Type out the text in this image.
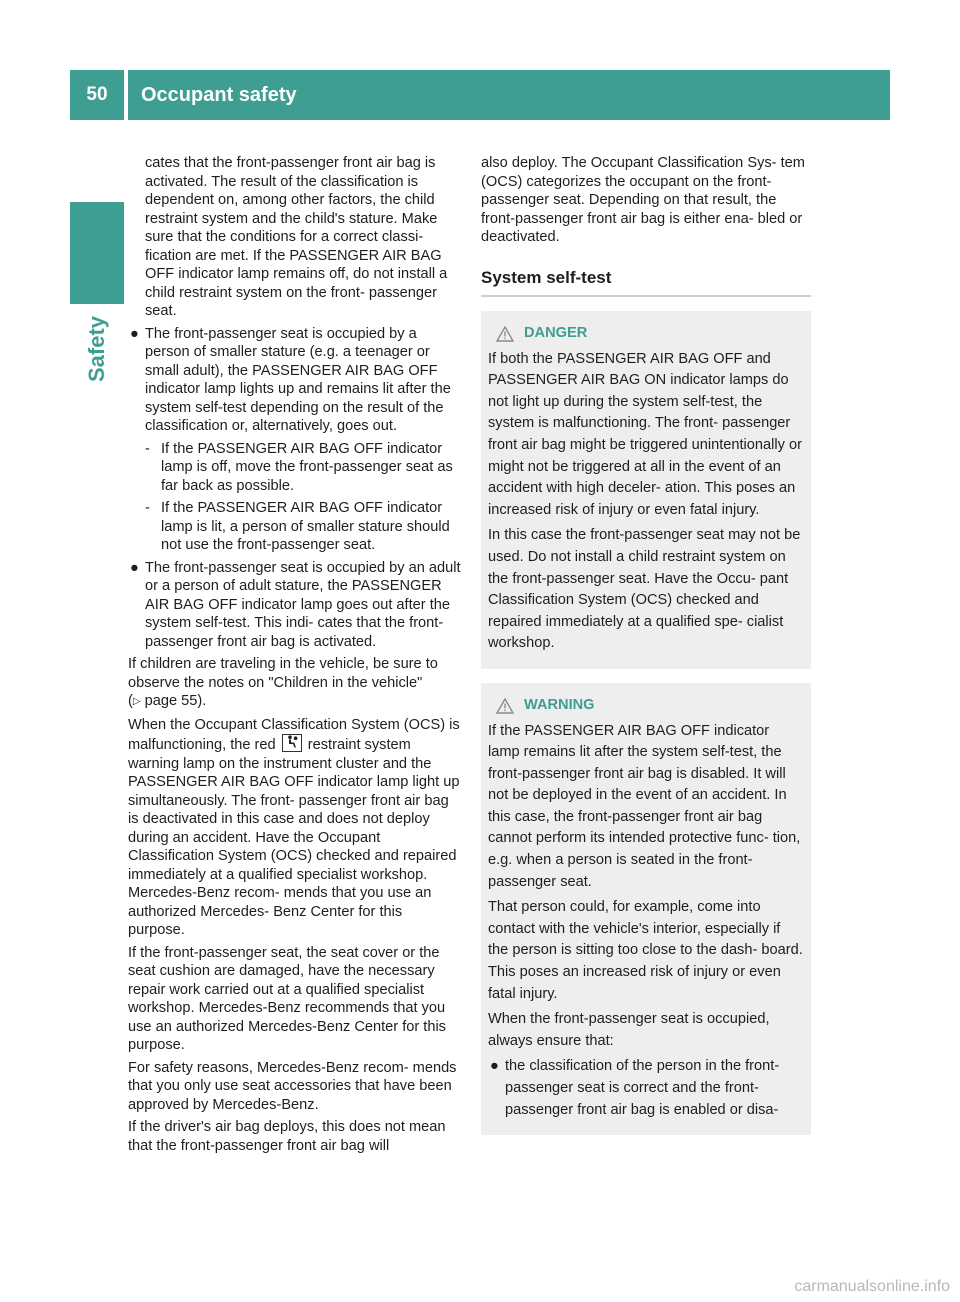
50	Occupant safety
Safety

cates that the front-passenger front air bag is activated. The result of the classification is dependent on, among other factors, the child restraint system and the child's stature. Make sure that the conditions for a correct classi- fication are met. If the PASSENGER AIR BAG OFF indicator lamp remains off, do not install a child restraint system on the front- passenger seat.

● The front-passenger seat is occupied by a person of smaller stature (e.g. a teenager or small adult), the PASSENGER AIR BAG OFF indicator lamp lights up and remains lit after the system self-test depending on the result of the classification or, alternatively, goes out.
- If the PASSENGER AIR BAG OFF indicator lamp is off, move the front-passenger seat as far back as possible.
- If the PASSENGER AIR BAG OFF indicator lamp is lit, a person of smaller stature should not use the front-passenger seat.
● The front-passenger seat is occupied by an adult or a person of adult stature, the PASSENGER AIR BAG OFF indicator lamp goes out after the system self-test. This indi- cates that the front-passenger front air bag is activated.

If children are traveling in the vehicle, be sure to observe the notes on "Children in the vehicle"
(▷ page 55).

When the Occupant Classification System (OCS) is malfunctioning, the red restraint system warning lamp on the instrument cluster and the PASSENGER AIR BAG OFF indicator lamp light up simultaneously. The front- passenger front air bag is deactivated in this case and does not deploy during an accident. Have the Occupant Classification System (OCS) checked and repaired immediately at a qualified specialist workshop. Mercedes-Benz recom- mends that you use an authorized Mercedes- Benz Center for this purpose.

If the front-passenger seat, the seat cover or the seat cushion are damaged, have the necessary repair work carried out at a qualified specialist workshop. Mercedes-Benz recommends that you use an authorized Mercedes-Benz Center for this purpose.

For safety reasons, Mercedes-Benz recom- mends that you only use seat accessories that have been approved by Mercedes-Benz.

If the driver's air bag deploys, this does not mean that the front-passenger front air bag will

also deploy. The Occupant Classification Sys- tem (OCS) categorizes the occupant on the front-passenger seat. Depending on that result, the front-passenger front air bag is either ena- bled or deactivated.

System self-test
DANGER

If both the PASSENGER AIR BAG OFF and PASSENGER AIR BAG ON indicator lamps do not light up during the system self-test, the system is malfunctioning. The front- passenger front air bag might be triggered unintentionally or might not be triggered at all in the event of an accident with high deceler- ation. This poses an increased risk of injury or even fatal injury.

In this case the front-passenger seat may not be used. Do not install a child restraint system on the front-passenger seat. Have the Occu- pant Classification System (OCS) checked and repaired immediately at a qualified spe- cialist workshop.

WARNING

If the PASSENGER AIR BAG OFF indicator lamp remains lit after the system self-test, the front-passenger front air bag is disabled. It will not be deployed in the event of an accident. In this case, the front-passenger front air bag cannot perform its intended protective func- tion, e.g. when a person is seated in the front- passenger seat.

That person could, for example, come into contact with the vehicle's interior, especially if the person is sitting too close to the dash- board. This poses an increased risk of injury or even fatal injury.

When the front-passenger seat is occupied, always ensure that:

● the classification of the person in the front- passenger seat is correct and the front- passenger front air bag is enabled or disa-
carmanualsonline.info
